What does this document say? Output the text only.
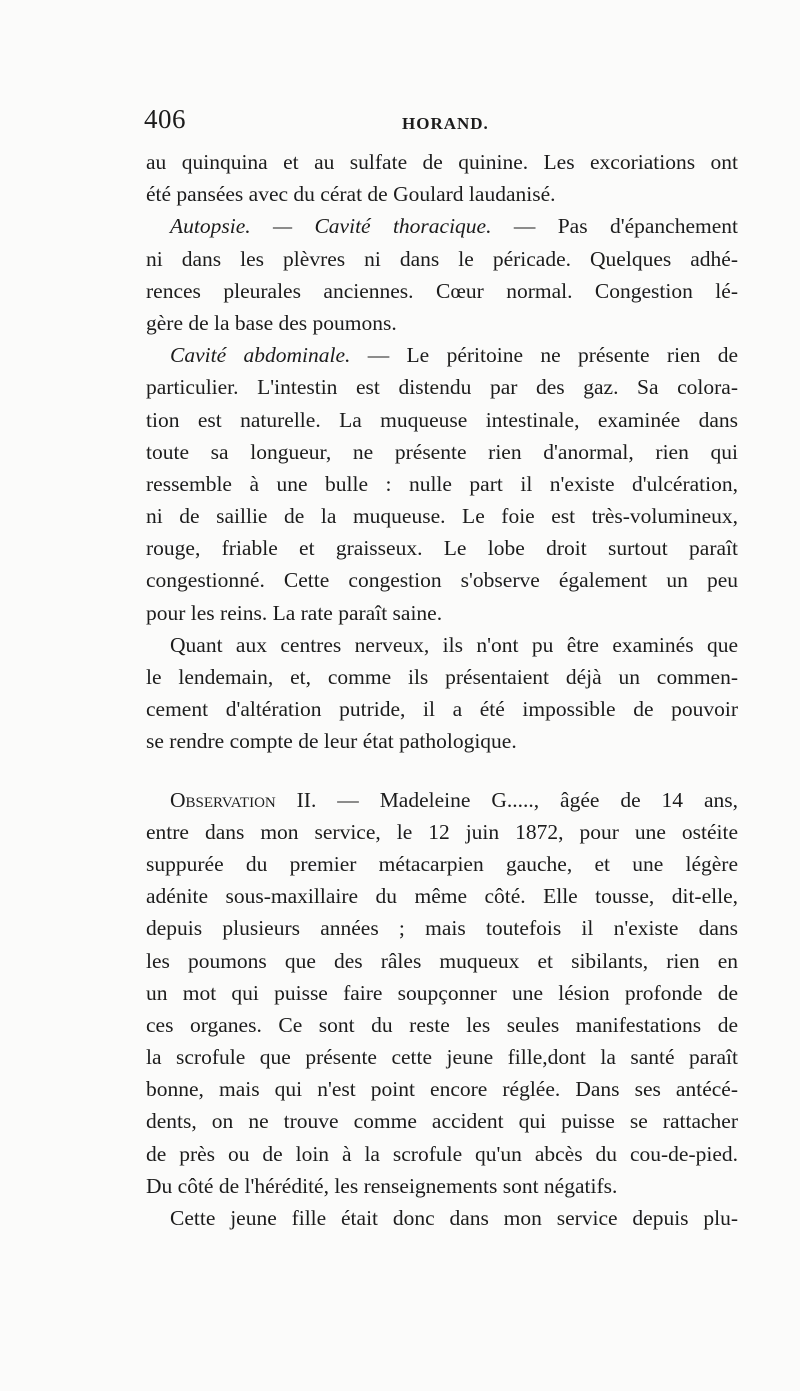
406	HORAND.
au quinquina et au sulfate de quinine. Les excoriations ont
été pansées avec du cérat de Goulard laudanisé.
Autopsie. — Cavité thoracique. — Pas d'épanchement
ni dans les plèvres ni dans le péricade. Quelques adhé-
rences pleurales anciennes. Cœur normal. Congestion lé-
gère de la base des poumons.
Cavité abdominale. — Le péritoine ne présente rien de
particulier. L'intestin est distendu par des gaz. Sa colora-
tion est naturelle. La muqueuse intestinale, examinée dans
toute sa longueur, ne présente rien d'anormal, rien qui
ressemble à une bulle : nulle part il n'existe d'ulcération,
ni de saillie de la muqueuse. Le foie est très-volumineux,
rouge, friable et graisseux. Le lobe droit surtout paraît
congestionné. Cette congestion s'observe également un peu
pour les reins. La rate paraît saine.
Quant aux centres nerveux, ils n'ont pu être examinés que
le lendemain, et, comme ils présentaient déjà un commen-
cement d'altération putride, il a été impossible de pouvoir
se rendre compte de leur état pathologique.
Observation II. — Madeleine G....., âgée de 14 ans,
entre dans mon service, le 12 juin 1872, pour une ostéite
suppurée du premier métacarpien gauche, et une légère
adénite sous-maxillaire du même côté. Elle tousse, dit-elle,
depuis plusieurs années ; mais toutefois il n'existe dans
les poumons que des râles muqueux et sibilants, rien en
un mot qui puisse faire soupçonner une lésion profonde de
ces organes. Ce sont du reste les seules manifestations de
la scrofule que présente cette jeune fille,dont la santé paraît
bonne, mais qui n'est point encore réglée. Dans ses antécé-
dents, on ne trouve comme accident qui puisse se rattacher
de près ou de loin à la scrofule qu'un abcès du cou-de-pied.
Du côté de l'hérédité, les renseignements sont négatifs.
Cette jeune fille était donc dans mon service depuis plu-
